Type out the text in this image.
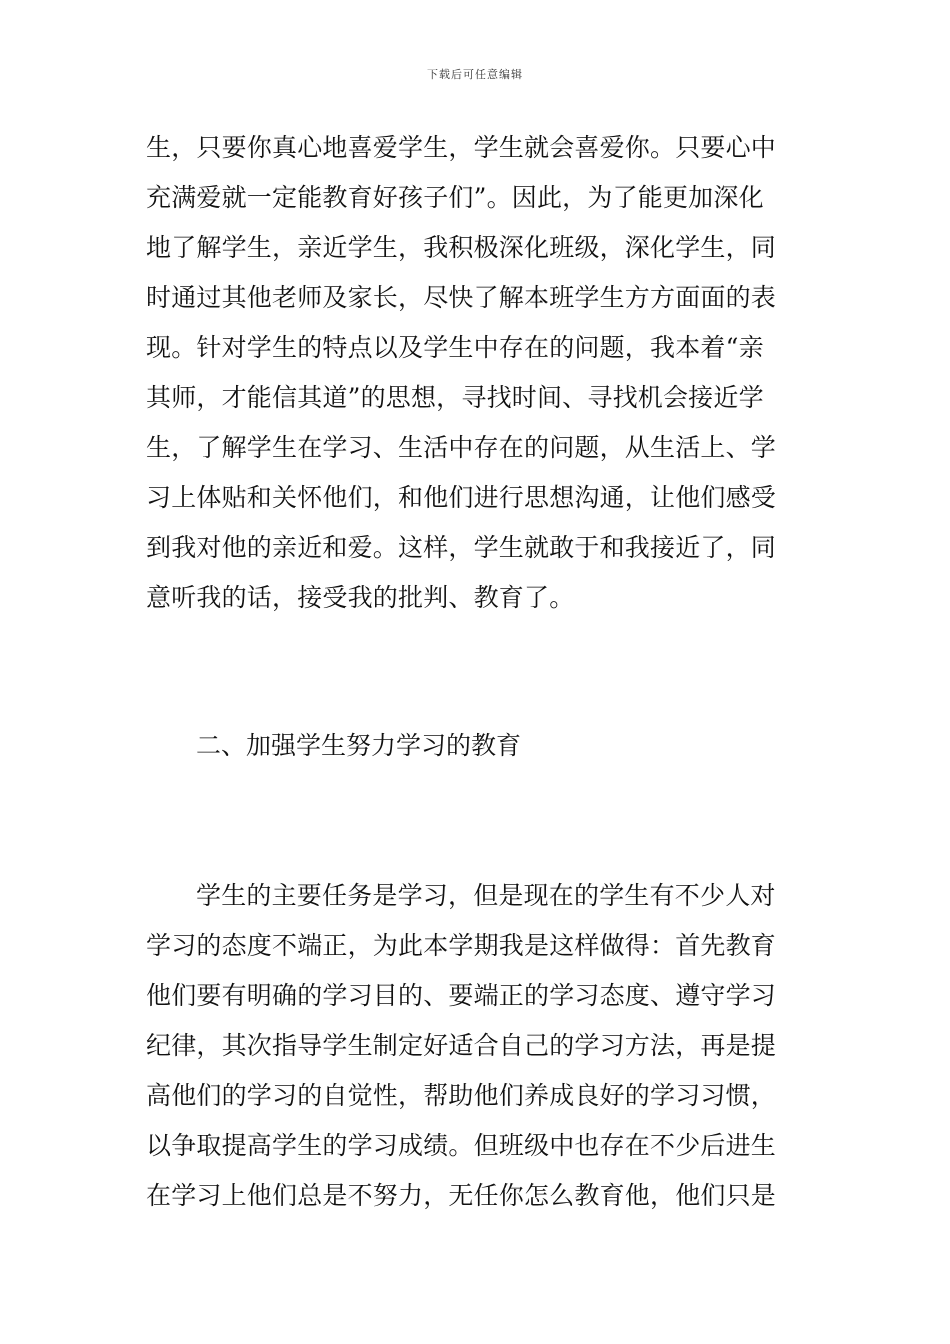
下载后可任意编辑
生，只要你真心地喜爱学生，学生就会喜爱你。只要心中
充满爱就一定能教育好孩子们”。因此，为了能更加深化
地了解学生，亲近学生，我积极深化班级，深化学生，同
时通过其他老师及家长，尽快了解本班学生方方面面的表
现。针对学生的特点以及学生中存在的问题，我本着“亲
其师，才能信其道”的思想，寻找时间、寻找机会接近学
生，了解学生在学习、生活中存在的问题，从生活上、学
习上体贴和关怀他们，和他们进行思想沟通，让他们感受
到我对他的亲近和爱。这样，学生就敢于和我接近了，同
意听我的话，接受我的批判、教育了。
二、加强学生努力学习的教育
学生的主要任务是学习，但是现在的学生有不少人对
学习的态度不端正，为此本学期我是这样做得：首先教育
他们要有明确的学习目的、要端正的学习态度、遵守学习
纪律，其次指导学生制定好适合自己的学习方法，再是提
高他们的学习的自觉性，帮助他们养成良好的学习习惯，
以争取提高学生的学习成绩。但班级中也存在不少后进生
在学习上他们总是不努力，无任你怎么教育他，他们只是
